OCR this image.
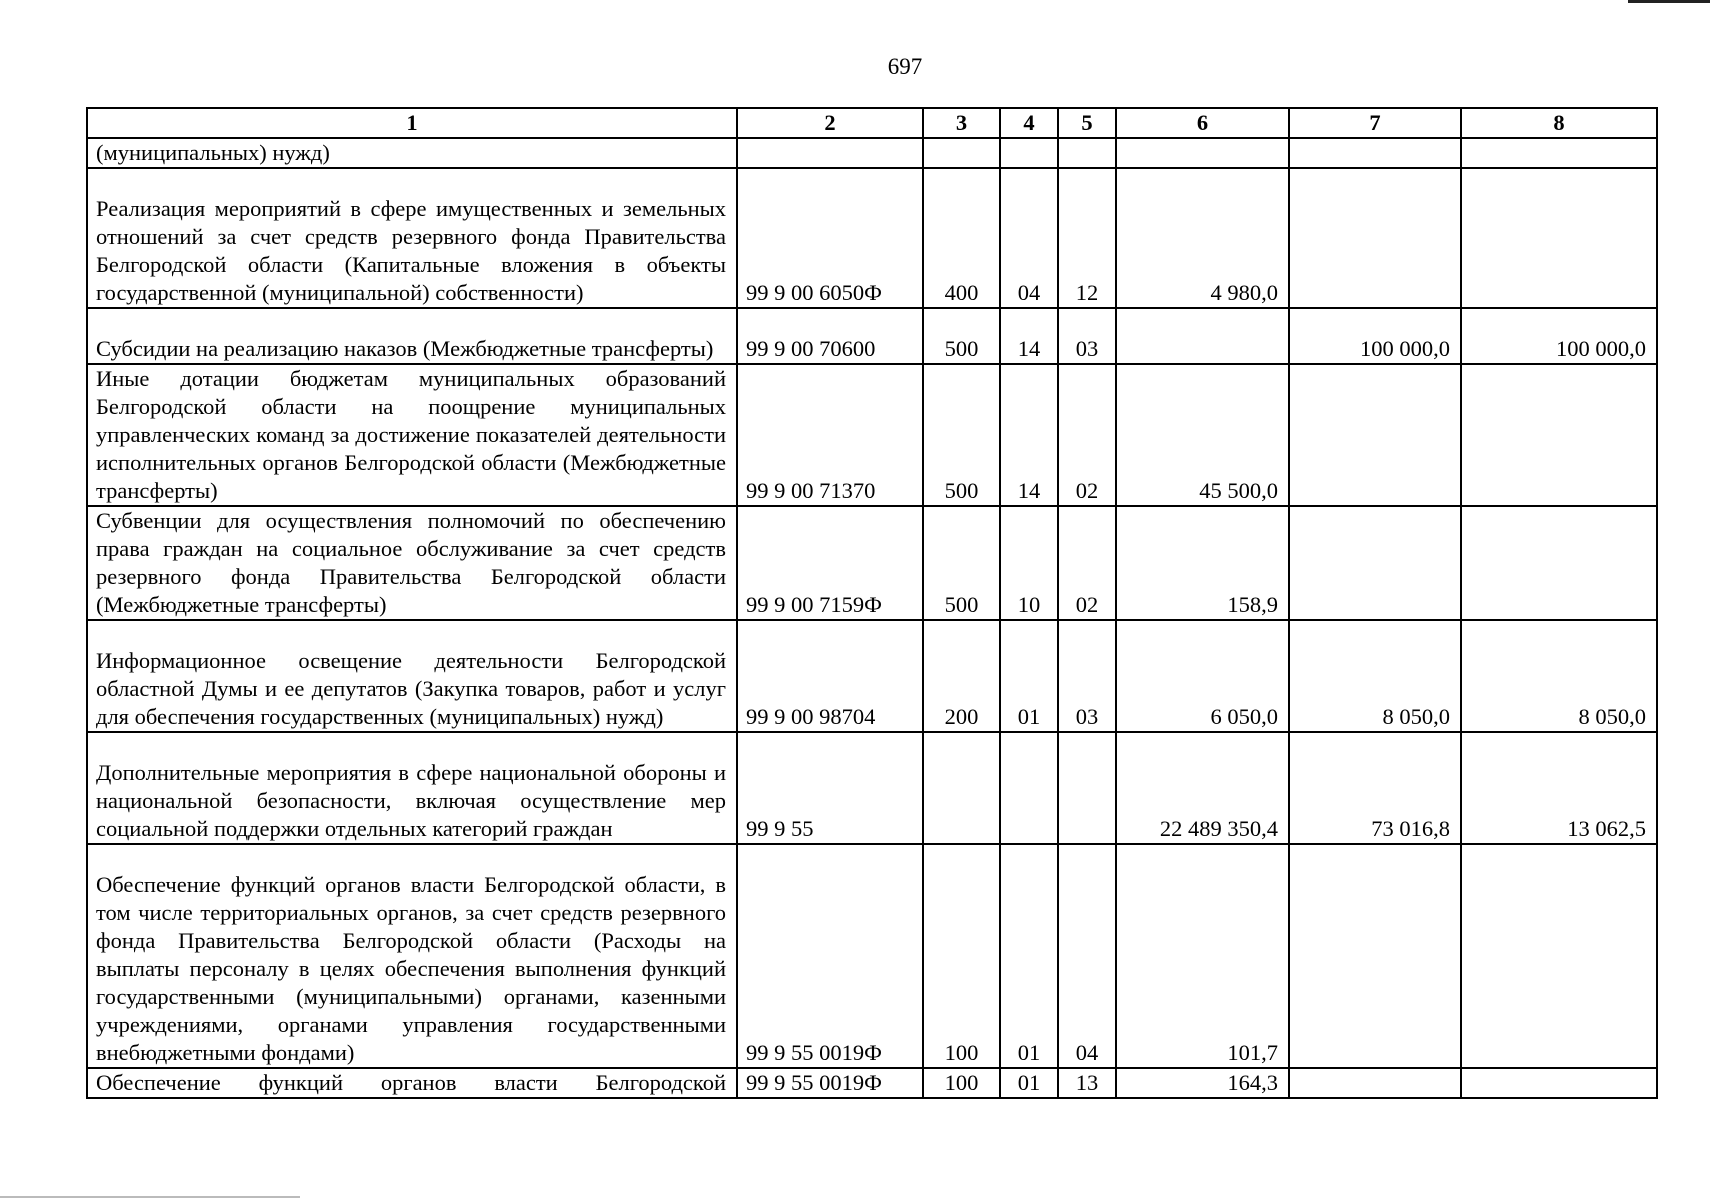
697
1	2	3	4	5	6	7	8
(муниципальных) нужд)							
Реализация мероприятий в сфере имущественных и земельных отношений за счет средств резервного фонда Правительства Белгородской области (Капитальные вложения в объекты государственной (муниципальной) собственности)	99 9 00 6050Ф	400	04	12	4 980,0		
Субсидии на реализацию наказов (Межбюджетные трансферты)	99 9 00 70600	500	14	03		100 000,0	100 000,0
Иные дотации бюджетам муниципальных образований Белгородской области на поощрение муниципальных управленческих команд за достижение показателей деятельности исполнительных органов Белгородской области (Межбюджетные трансферты)	99 9 00 71370	500	14	02	45 500,0		
Субвенции для осуществления полномочий по обеспечению права граждан на социальное обслуживание за счет средств резервного фонда Правительства Белгородской области (Межбюджетные трансферты)	99 9 00 7159Ф	500	10	02	158,9		
Информационное освещение деятельности Белгородской областной Думы и ее депутатов (Закупка товаров, работ и услуг для обеспечения государственных (муниципальных) нужд)	99 9 00 98704	200	01	03	6 050,0	8 050,0	8 050,0
Дополнительные мероприятия в сфере национальной обороны и национальной безопасности, включая осуществление мер социальной поддержки отдельных категорий граждан	99 9 55				22 489 350,4	73 016,8	13 062,5
Обеспечение функций органов власти Белгородской области, в том числе территориальных органов, за счет средств резервного фонда Правительства Белгородской области (Расходы на выплаты персоналу в целях обеспечения выполнения функций государственными (муниципальными) органами, казенными учреждениями, органами управления государственными внебюджетными фондами)	99 9 55 0019Ф	100	01	04	101,7		
Обеспечение функций органов власти Белгородской	99 9 55 0019Ф	100	01	13	164,3		
